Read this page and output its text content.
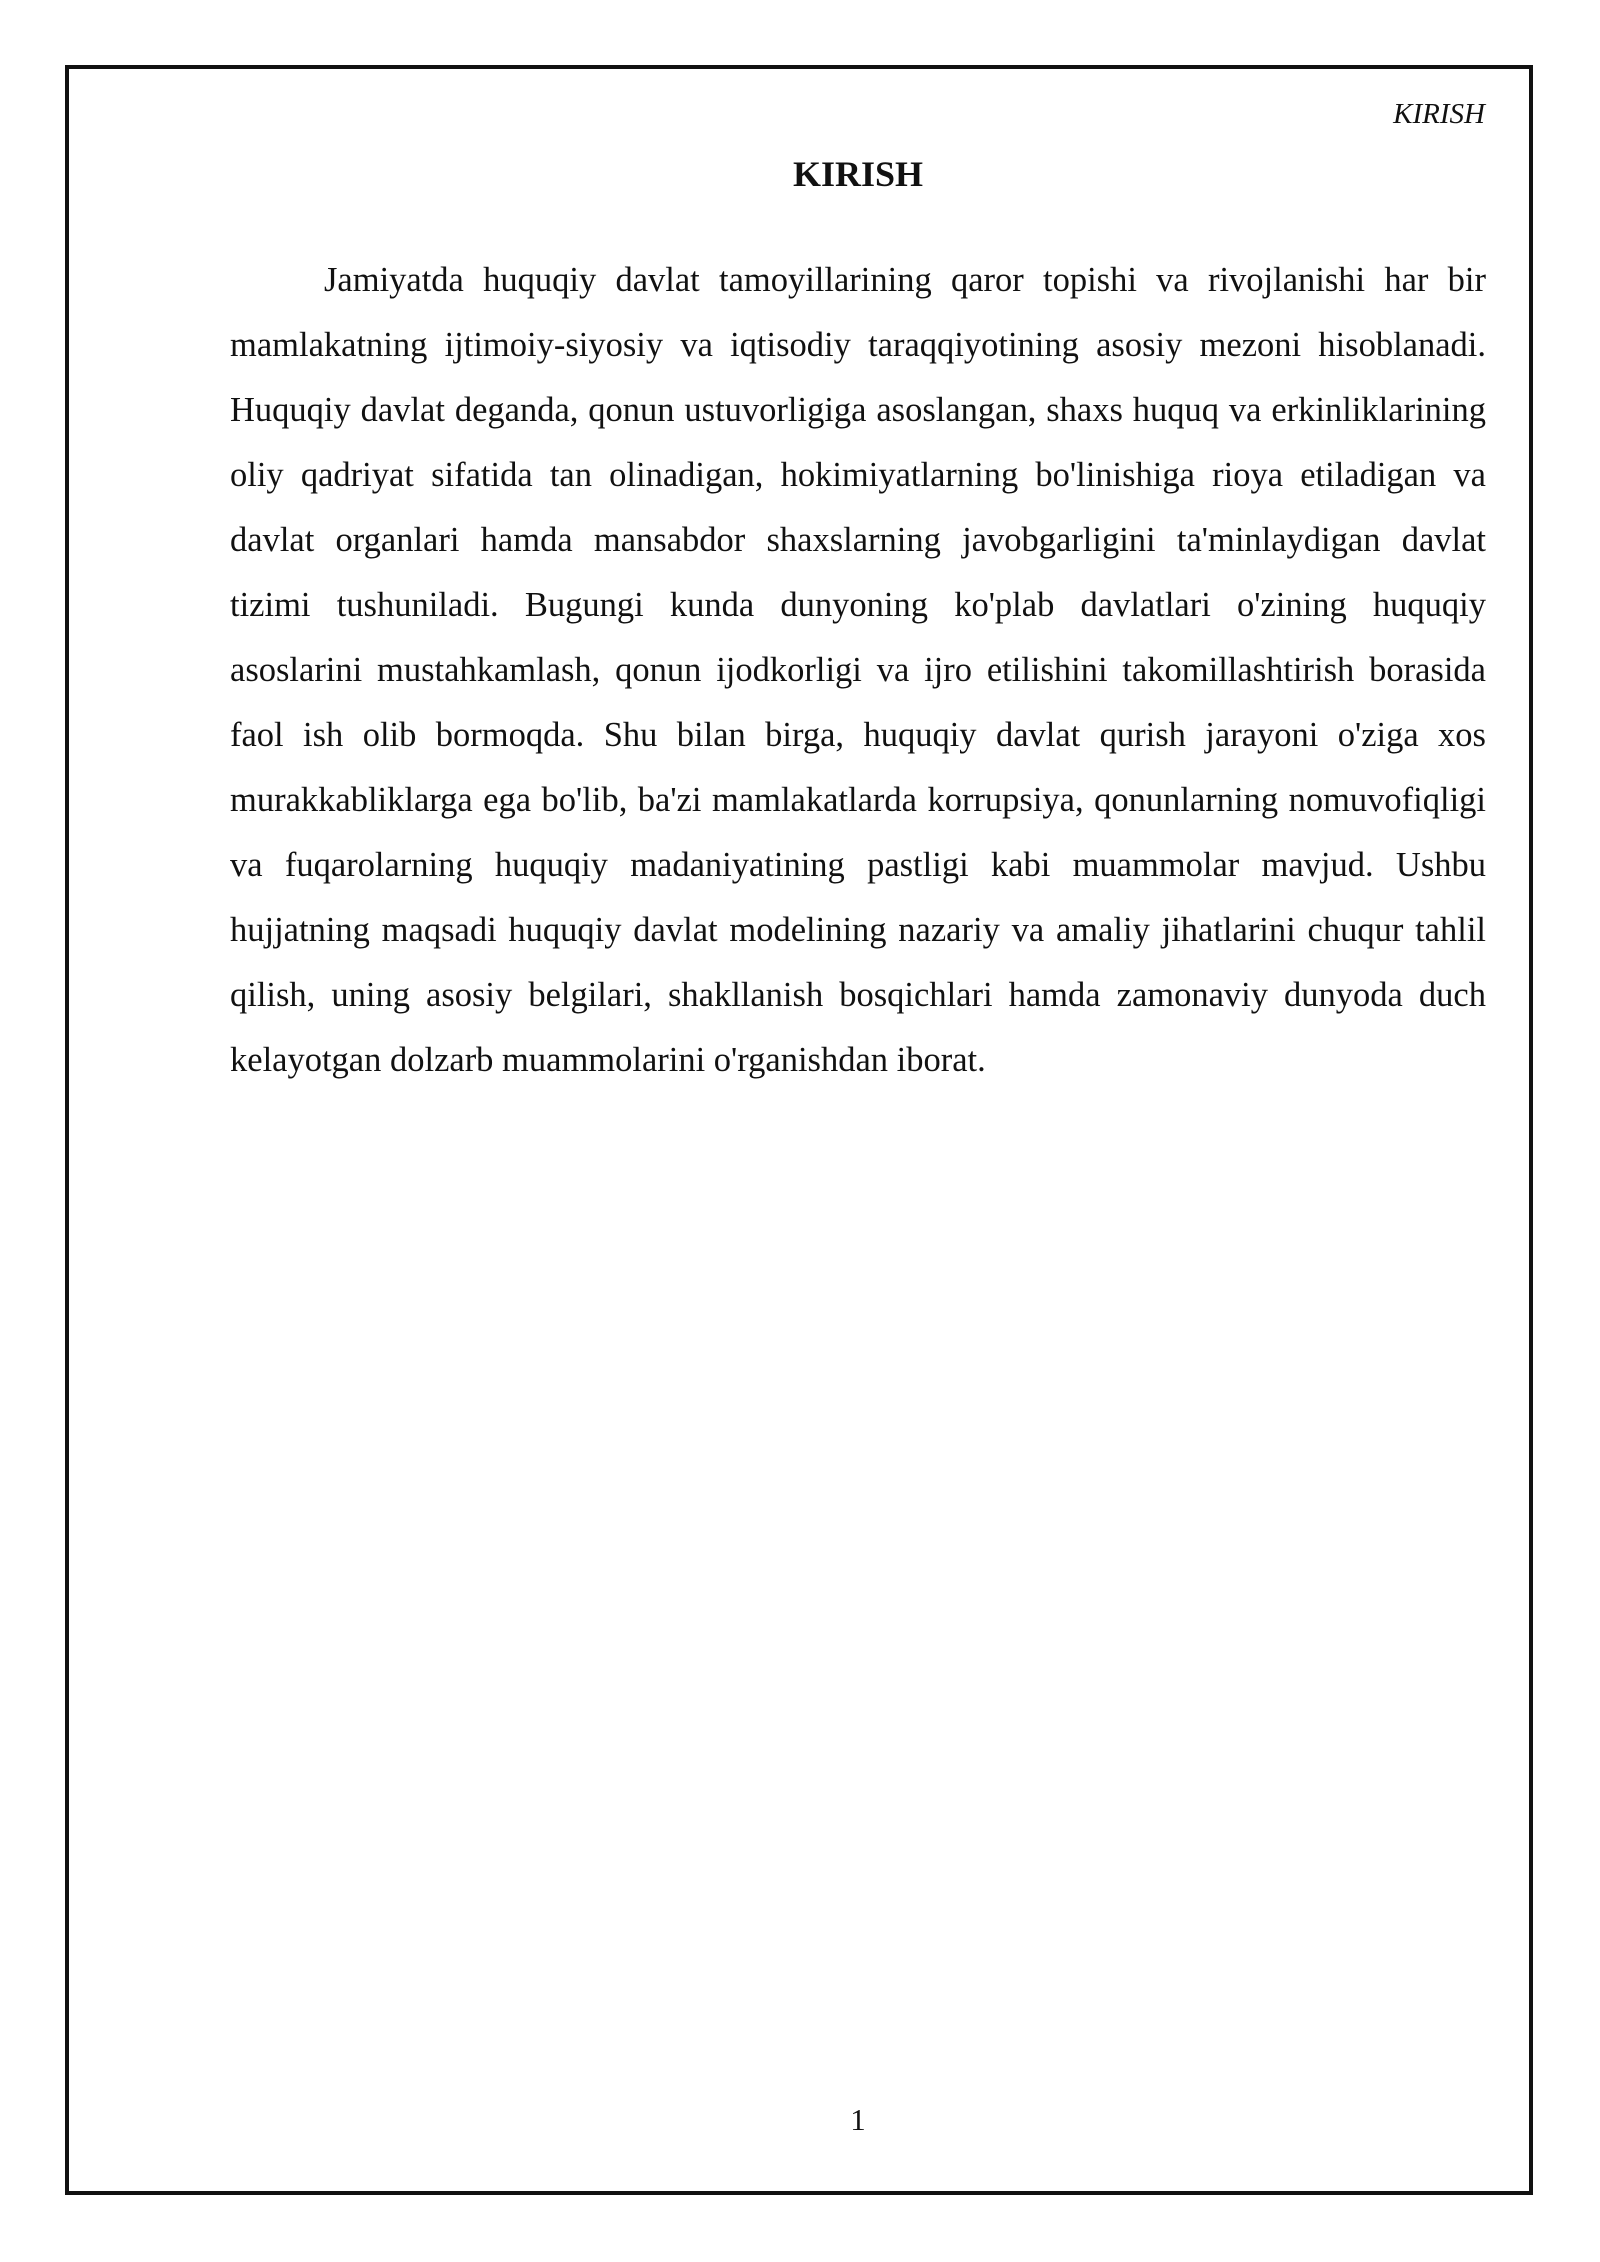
KIRISH
KIRISH

Jamiyatda huquqiy davlat tamoyillarining qaror topishi va rivojlanishi har bir mamlakatning ijtimoiy-siyosiy va iqtisodiy taraqqiyotining asosiy mezoni hisoblanadi. Huquqiy davlat deganda, qonun ustuvorligiga asoslangan, shaxs huquq va erkinliklarining oliy qadriyat sifatida tan olinadigan, hokimiyatlarning bo'linishiga rioya etiladigan va davlat organlari hamda mansabdor shaxslarning javobgarligini ta'minlaydigan davlat tizimi tushuniladi. Bugungi kunda dunyoning ko'plab davlatlari o'zining huquqiy asoslarini mustahkamlash, qonun ijodkorligi va ijro etilishini takomillashtirish borasida faol ish olib bormoqda. Shu bilan birga, huquqiy davlat qurish jarayoni o'ziga xos murakkabliklarga ega bo'lib, ba'zi mamlakatlarda korrupsiya, qonunlarning nomuvofiqligi va fuqarolarning huquqiy madaniyatining pastligi kabi muammolar mavjud. Ushbu hujjatning maqsadi huquqiy davlat modelining nazariy va amaliy jihatlarini chuqur tahlil qilish, uning asosiy belgilari, shakllanish bosqichlari hamda zamonaviy dunyoda duch kelayotgan dolzarb muammolarini o'rganishdan iborat.

1
